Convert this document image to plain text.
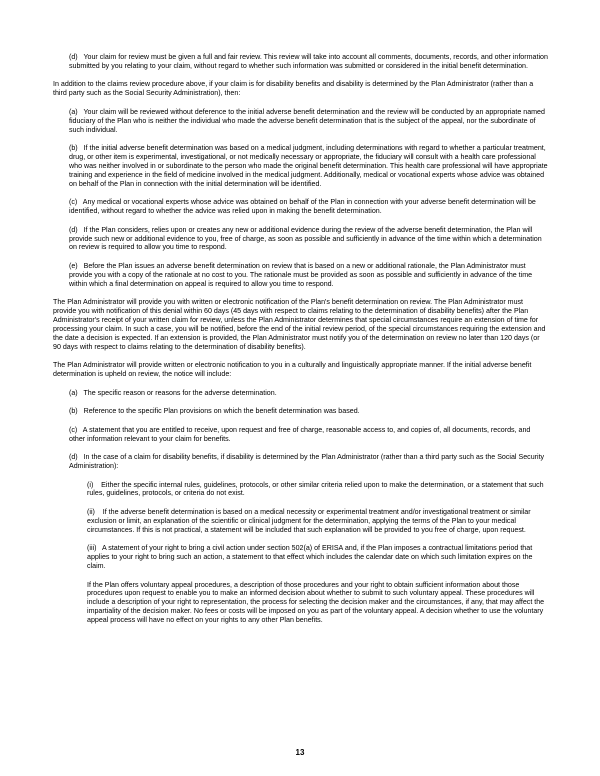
(d)   Your claim for review must be given a full and fair review. This review will take into account all comments, documents, records, and other information submitted by you relating to your claim, without regard to whether such information was submitted or considered in the initial benefit determination.

In addition to the claims review procedure above, if your claim is for disability benefits and disability is determined by the Plan Administrator (rather than a third party such as the Social Security Administration), then:

(a)   Your claim will be reviewed without deference to the initial adverse benefit determination and the review will be conducted by an appropriate named fiduciary of the Plan who is neither the individual who made the adverse benefit determination that is the subject of the appeal, nor the subordinate of such individual.

(b)   If the initial adverse benefit determination was based on a medical judgment, including determinations with regard to whether a particular treatment, drug, or other item is experimental, investigational, or not medically necessary or appropriate, the fiduciary will consult with a health care professional who was neither involved in or subordinate to the person who made the original benefit determination. This health care professional will have appropriate training and experience in the field of medicine involved in the medical judgment. Additionally, medical or vocational experts whose advice was obtained on behalf of the Plan in connection with the initial determination will be identified.

(c)   Any medical or vocational experts whose advice was obtained on behalf of the Plan in connection with your adverse benefit determination will be identified, without regard to whether the advice was relied upon in making the benefit determination.

(d)   If the Plan considers, relies upon or creates any new or additional evidence during the review of the adverse benefit determination, the Plan will provide such new or additional evidence to you, free of charge, as soon as possible and sufficiently in advance of the time within which a determination on review is required to allow you time to respond.

(e)   Before the Plan issues an adverse benefit determination on review that is based on a new or additional rationale, the Plan Administrator must provide you with a copy of the rationale at no cost to you. The rationale must be provided as soon as possible and sufficiently in advance of the time within which a final determination on appeal is required to allow you time to respond.

The Plan Administrator will provide you with written or electronic notification of the Plan's benefit determination on review. The Plan Administrator must provide you with notification of this denial within 60 days (45 days with respect to claims relating to the determination of disability benefits) after the Plan Administrator's receipt of your written claim for review, unless the Plan Administrator determines that special circumstances require an extension of time for processing your claim. In such a case, you will be notified, before the end of the initial review period, of the special circumstances requiring the extension and the date a decision is expected. If an extension is provided, the Plan Administrator must notify you of the determination on review no later than 120 days (or 90 days with respect to claims relating to the determination of disability benefits).

The Plan Administrator will provide written or electronic notification to you in a culturally and linguistically appropriate manner. If the initial adverse benefit determination is upheld on review, the notice will include:

(a)   The specific reason or reasons for the adverse determination.

(b)   Reference to the specific Plan provisions on which the benefit determination was based.

(c)   A statement that you are entitled to receive, upon request and free of charge, reasonable access to, and copies of, all documents, records, and other information relevant to your claim for benefits.

(d)   In the case of a claim for disability benefits, if disability is determined by the Plan Administrator (rather than a third party such as the Social Security Administration):

(i)    Either the specific internal rules, guidelines, protocols, or other similar criteria relied upon to make the determination, or a statement that such rules, guidelines, protocols, or criteria do not exist.

(ii)    If the adverse benefit determination is based on a medical necessity or experimental treatment and/or investigational treatment or similar exclusion or limit, an explanation of the scientific or clinical judgment for the determination, applying the terms of the Plan to your medical circumstances. If this is not practical, a statement will be included that such explanation will be provided to you free of charge, upon request.

(iii)   A statement of your right to bring a civil action under section 502(a) of ERISA and, if the Plan imposes a contractual limitations period that applies to your right to bring such an action, a statement to that effect which includes the calendar date on which such limitation expires on the claim.

If the Plan offers voluntary appeal procedures, a description of those procedures and your right to obtain sufficient information about those procedures upon request to enable you to make an informed decision about whether to submit to such voluntary appeal. These procedures will include a description of your right to representation, the process for selecting the decision maker and the circumstances, if any, that may affect the impartiality of the decision maker. No fees or costs will be imposed on you as part of the voluntary appeal. A decision whether to use the voluntary appeal process will have no effect on your rights to any other Plan benefits.

13
